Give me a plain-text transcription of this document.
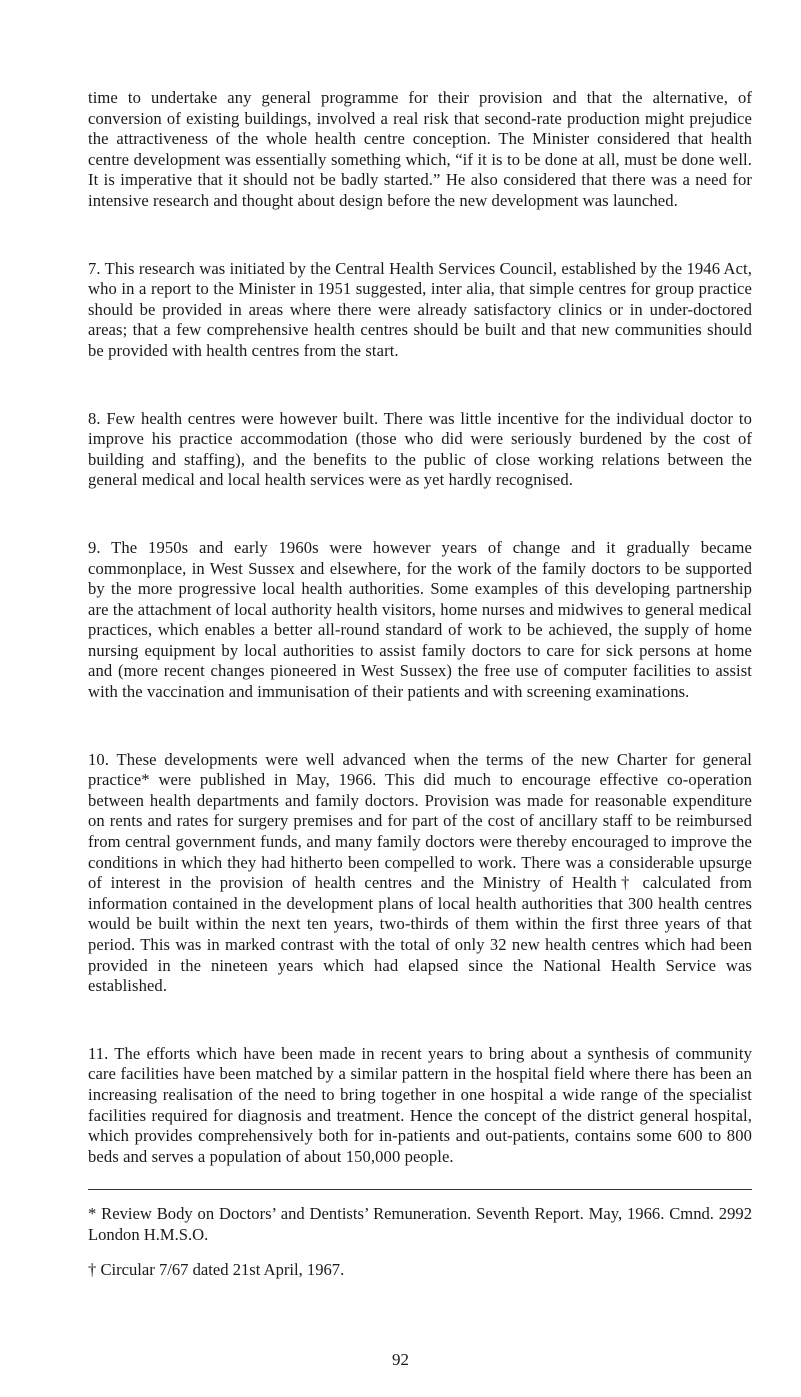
time to undertake any general programme for their provision and that the alternative, of conversion of existing buildings, involved a real risk that second-rate production might prejudice the attractiveness of the whole health centre conception. The Minister considered that health centre development was essentially something which, “if it is to be done at all, must be done well. It is imperative that it should not be badly started.” He also considered that there was a need for intensive research and thought about design before the new development was launched.

7. This research was initiated by the Central Health Services Council, established by the 1946 Act, who in a report to the Minister in 1951 suggested, inter alia, that simple centres for group practice should be provided in areas where there were already satisfactory clinics or in under-doctored areas; that a few comprehensive health centres should be built and that new communities should be provided with health centres from the start.

8. Few health centres were however built. There was little incentive for the individual doctor to improve his practice accommodation (those who did were seriously burdened by the cost of building and staffing), and the benefits to the public of close working relations between the general medical and local health services were as yet hardly recognised.

9. The 1950s and early 1960s were however years of change and it gradually became commonplace, in West Sussex and elsewhere, for the work of the family doctors to be supported by the more progressive local health authorities. Some examples of this developing partnership are the attachment of local authority health visitors, home nurses and midwives to general medical practices, which enables a better all-round standard of work to be achieved, the supply of home nursing equipment by local authorities to assist family doctors to care for sick persons at home and (more recent changes pioneered in West Sussex) the free use of computer facilities to assist with the vaccination and immunisation of their patients and with screening examinations.

10. These developments were well advanced when the terms of the new Charter for general practice* were published in May, 1966. This did much to encourage effective co-operation between health departments and family doctors. Provision was made for reasonable expenditure on rents and rates for surgery premises and for part of the cost of ancillary staff to be reimbursed from central government funds, and many family doctors were thereby encouraged to improve the conditions in which they had hitherto been compelled to work. There was a considerable upsurge of interest in the provision of health centres and the Ministry of Health† calculated from information contained in the development plans of local health authorities that 300 health centres would be built within the next ten years, two-thirds of them within the first three years of that period. This was in marked contrast with the total of only 32 new health centres which had been provided in the nineteen years which had elapsed since the National Health Service was established.

11. The efforts which have been made in recent years to bring about a synthesis of community care facilities have been matched by a similar pattern in the hospital field where there has been an increasing realisation of the need to bring together in one hospital a wide range of the specialist facilities required for diagnosis and treatment. Hence the concept of the district general hospital, which provides comprehensively both for in-patients and out-patients, contains some 600 to 800 beds and serves a population of about 150,000 people.

* Review Body on Doctors’ and Dentists’ Remuneration. Seventh Report. May, 1966. Cmnd. 2992 London H.M.S.O.

† Circular 7/67 dated 21st April, 1967.

92
